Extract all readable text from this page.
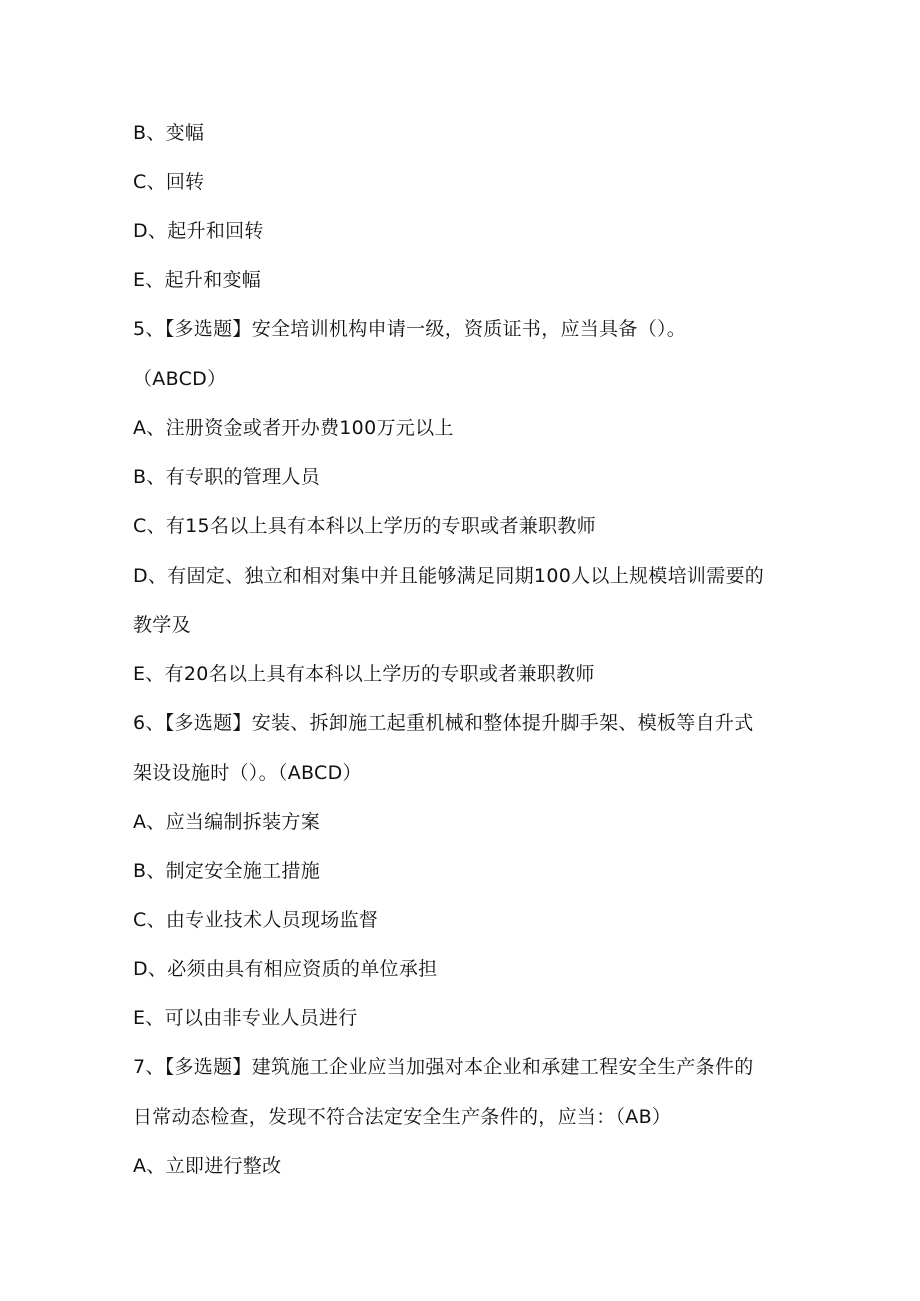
B、变幅
C、回转
D、起升和回转
E、起升和变幅
5、【多选题】安全培训机构申请一级，资质证书，应当具备（）。
（ABCD）
A、注册资金或者开办费100万元以上
B、有专职的管理人员
C、有15名以上具有本科以上学历的专职或者兼职教师
D、有固定、独立和相对集中并且能够满足同期100人以上规模培训需要的
教学及
E、有20名以上具有本科以上学历的专职或者兼职教师
6、【多选题】安装、拆卸施工起重机械和整体提升脚手架、模板等自升式
架设设施时（）。（ABCD）
A、应当编制拆装方案
B、制定安全施工措施
C、由专业技术人员现场监督
D、必须由具有相应资质的单位承担
E、可以由非专业人员进行
7、【多选题】建筑施工企业应当加强对本企业和承建工程安全生产条件的
日常动态检查，发现不符合法定安全生产条件的，应当：（AB）
A、立即进行整改
